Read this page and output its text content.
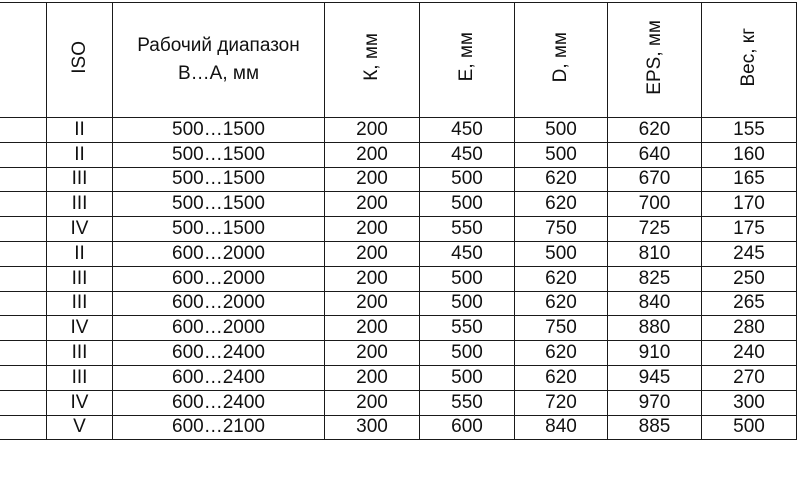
	ISO	Рабочий диапазон В…А, мм	К, мм	Е, мм	D, мм	EPS, мм	Вес, кг
	II	500…1500	200	450	500	620	155
	II	500…1500	200	450	500	640	160
	III	500…1500	200	500	620	670	165
	III	500…1500	200	500	620	700	170
	IV	500…1500	200	550	750	725	175
	II	600…2000	200	450	500	810	245
	III	600…2000	200	500	620	825	250
	III	600…2000	200	500	620	840	265
	IV	600…2000	200	550	750	880	280
	III	600…2400	200	500	620	910	240
	III	600…2400	200	500	620	945	270
	IV	600…2400	200	550	720	970	300
	V	600…2100	300	600	840	885	500
